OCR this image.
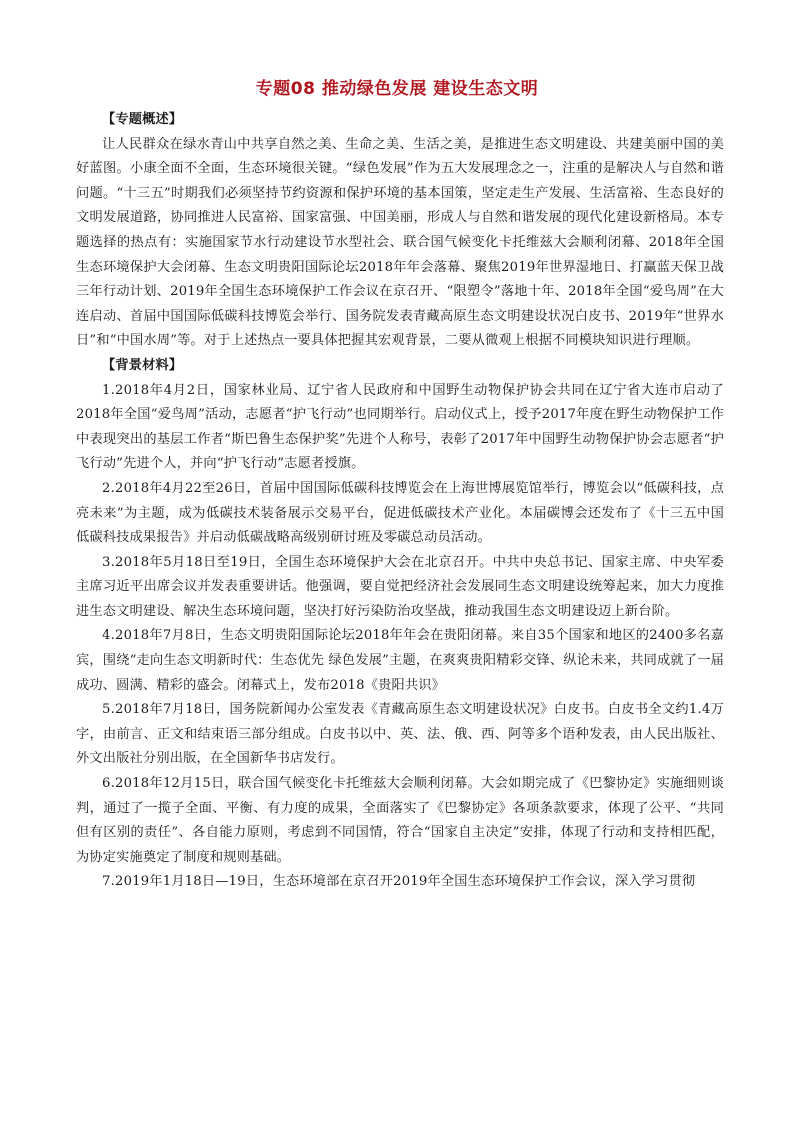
专题08 推动绿色发展 建设生态文明

【专题概述】

让人民群众在绿水青山中共享自然之美、生命之美、生活之美，是推进生态文明建设、共建美丽中国的美好蓝图。小康全面不全面，生态环境很关键。“绿色发展”作为五大发展理念之一，注重的是解决人与自然和谐问题。“十三五”时期我们必须坚持节约资源和保护环境的基本国策，坚定走生产发展、生活富裕、生态良好的文明发展道路，协同推进人民富裕、国家富强、中国美丽，形成人与自然和谐发展的现代化建设新格局。本专题选择的热点有：实施国家节水行动建设节水型社会、联合国气候变化卡托维兹大会顺利闭幕、2018年全国生态环境保护大会闭幕、生态文明贵阳国际论坛2018年年会落幕、聚焦2019年世界湿地日、打赢蓝天保卫战三年行动计划、2019年全国生态环境保护工作会议在京召开、“限塑令”落地十年、2018年全国“爱鸟周”在大连启动、首届中国国际低碳科技博览会举行、国务院发表青藏高原生态文明建设状况白皮书、2019年“世界水日”和“中国水周”等。对于上述热点一要具体把握其宏观背景，二要从微观上根据不同模块知识进行理顺。

【背景材料】

1.2018年4月2日，国家林业局、辽宁省人民政府和中国野生动物保护协会共同在辽宁省大连市启动了2018年全国“爱鸟周”活动，志愿者“护飞行动”也同期举行。启动仪式上，授予2017年度在野生动物保护工作中表现突出的基层工作者“斯巴鲁生态保护奖”先进个人称号，表彰了2017年中国野生动物保护协会志愿者“护飞行动”先进个人，并向“护飞行动”志愿者授旗。

2.2018年4月22至26日，首届中国国际低碳科技博览会在上海世博展览馆举行，博览会以“低碳科技，点亮未来”为主题，成为低碳技术装备展示交易平台，促进低碳技术产业化。本届碳博会还发布了《十三五中国低碳科技成果报告》并启动低碳战略高级别研讨班及零碳总动员活动。

3.2018年5月18日至19日，全国生态环境保护大会在北京召开。中共中央总书记、国家主席、中央军委主席习近平出席会议并发表重要讲话。他强调，要自觉把经济社会发展同生态文明建设统筹起来，加大力度推进生态文明建设、解决生态环境问题，坚决打好污染防治攻坚战，推动我国生态文明建设迈上新台阶。

4.2018年7月8日，生态文明贵阳国际论坛2018年年会在贵阳闭幕。来自35个国家和地区的2400多名嘉宾，围绕“走向生态文明新时代：生态优先 绿色发展”主题，在爽爽贵阳精彩交锋、纵论未来，共同成就了一届成功、圆满、精彩的盛会。闭幕式上，发布2018《贵阳共识》

5.2018年7月18日，国务院新闻办公室发表《青藏高原生态文明建设状况》白皮书。白皮书全文约1.4万字，由前言、正文和结束语三部分组成。白皮书以中、英、法、俄、西、阿等多个语种发表，由人民出版社、外文出版社分别出版，在全国新华书店发行。

6.2018年12月15日，联合国气候变化卡托维兹大会顺利闭幕。大会如期完成了《巴黎协定》实施细则谈判，通过了一揽子全面、平衡、有力度的成果，全面落实了《巴黎协定》各项条款要求，体现了公平、“共同但有区别的责任”、各自能力原则，考虑到不同国情，符合“国家自主决定”安排，体现了行动和支持相匹配，为协定实施奠定了制度和规则基础。

7.2019年1月18日—19日，生态环境部在京召开2019年全国生态环境保护工作会议，深入学习贯彻
